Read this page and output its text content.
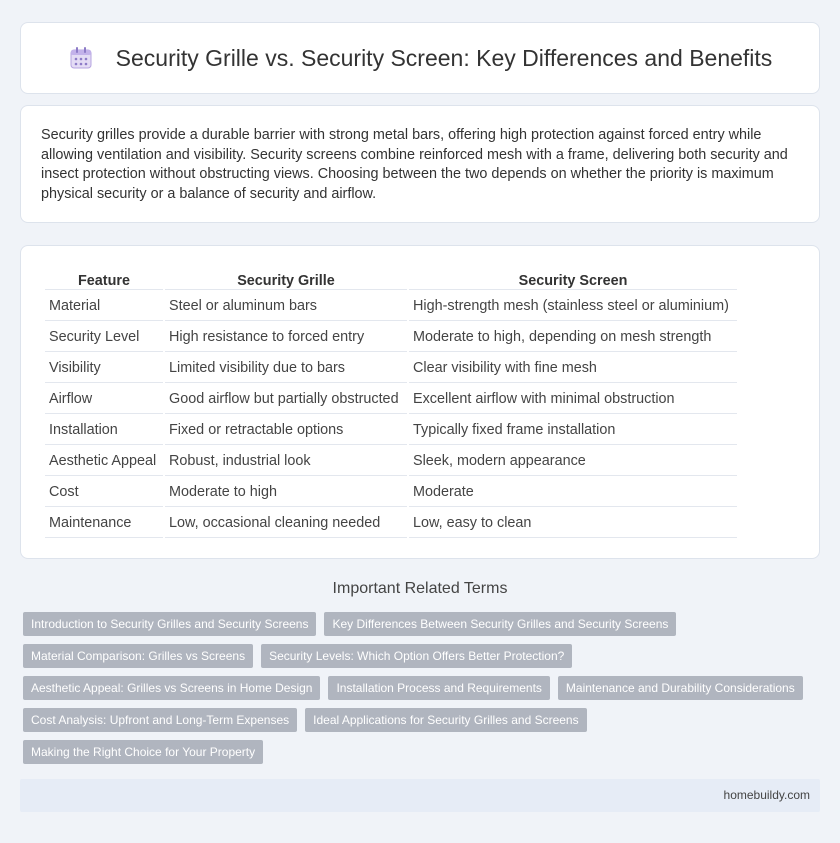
Security Grille vs. Security Screen: Key Differences and Benefits

Security grilles provide a durable barrier with strong metal bars, offering high protection against forced entry while allowing ventilation and visibility. Security screens combine reinforced mesh with a frame, delivering both security and insect protection without obstructing views. Choosing between the two depends on whether the priority is maximum physical security or a balance of security and airflow.

Feature	Security Grille	Security Screen
Material	Steel or aluminum bars	High-strength mesh (stainless steel or aluminium)
Security Level	High resistance to forced entry	Moderate to high, depending on mesh strength
Visibility	Limited visibility due to bars	Clear visibility with fine mesh
Airflow	Good airflow but partially obstructed	Excellent airflow with minimal obstruction
Installation	Fixed or retractable options	Typically fixed frame installation
Aesthetic Appeal	Robust, industrial look	Sleek, modern appearance
Cost	Moderate to high	Moderate
Maintenance	Low, occasional cleaning needed	Low, easy to clean
Important Related Terms
Introduction to Security Grilles and Security Screens	Key Differences Between Security Grilles and Security Screens
Material Comparison: Grilles vs Screens	Security Levels: Which Option Offers Better Protection?
Aesthetic Appeal: Grilles vs Screens in Home Design	Installation Process and Requirements	Maintenance and Durability Considerations
Cost Analysis: Upfront and Long-Term Expenses	Ideal Applications for Security Grilles and Screens
Making the Right Choice for Your Property
homebuildy.com
